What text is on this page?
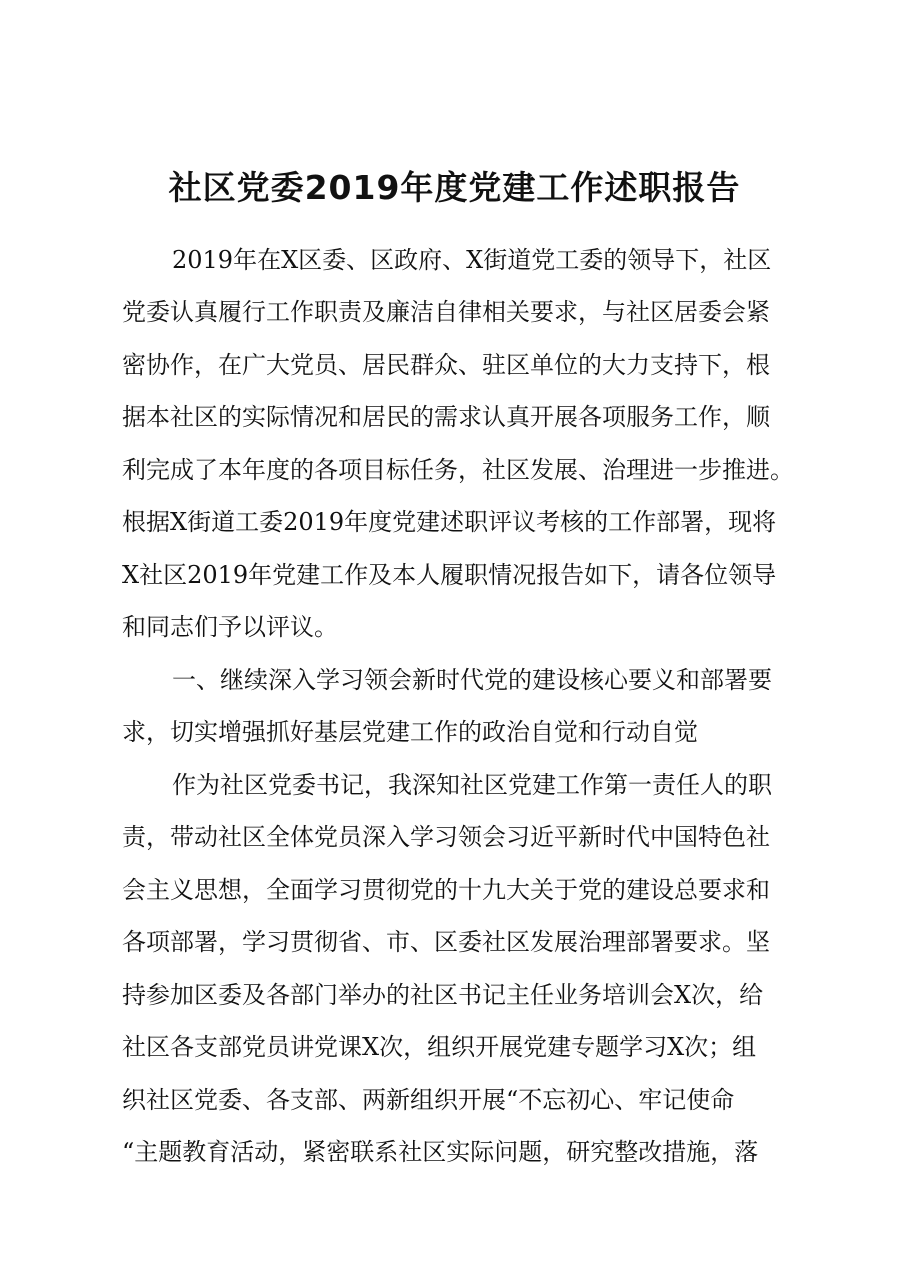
社区党委2019年度党建工作述职报告
2019年在X区委、区政府、X街道党工委的领导下，社区
党委认真履行工作职责及廉洁自律相关要求，与社区居委会紧
密协作，在广大党员、居民群众、驻区单位的大力支持下，根
据本社区的实际情况和居民的需求认真开展各项服务工作，顺
利完成了本年度的各项目标任务，社区发展、治理进一步推进。
根据X街道工委2019年度党建述职评议考核的工作部署，现将
X社区2019年党建工作及本人履职情况报告如下，请各位领导
和同志们予以评议。
一、继续深入学习领会新时代党的建设核心要义和部署要
求，切实增强抓好基层党建工作的政治自觉和行动自觉
作为社区党委书记，我深知社区党建工作第一责任人的职
责，带动社区全体党员深入学习领会习近平新时代中国特色社
会主义思想，全面学习贯彻党的十九大关于党的建设总要求和
各项部署，学习贯彻省、市、区委社区发展治理部署要求。坚
持参加区委及各部门举办的社区书记主任业务培训会X次，给
社区各支部党员讲党课X次，组织开展党建专题学习X次；组
织社区党委、各支部、两新组织开展“不忘初心、牢记使命
“主题教育活动，紧密联系社区实际问题，研究整改措施，落
